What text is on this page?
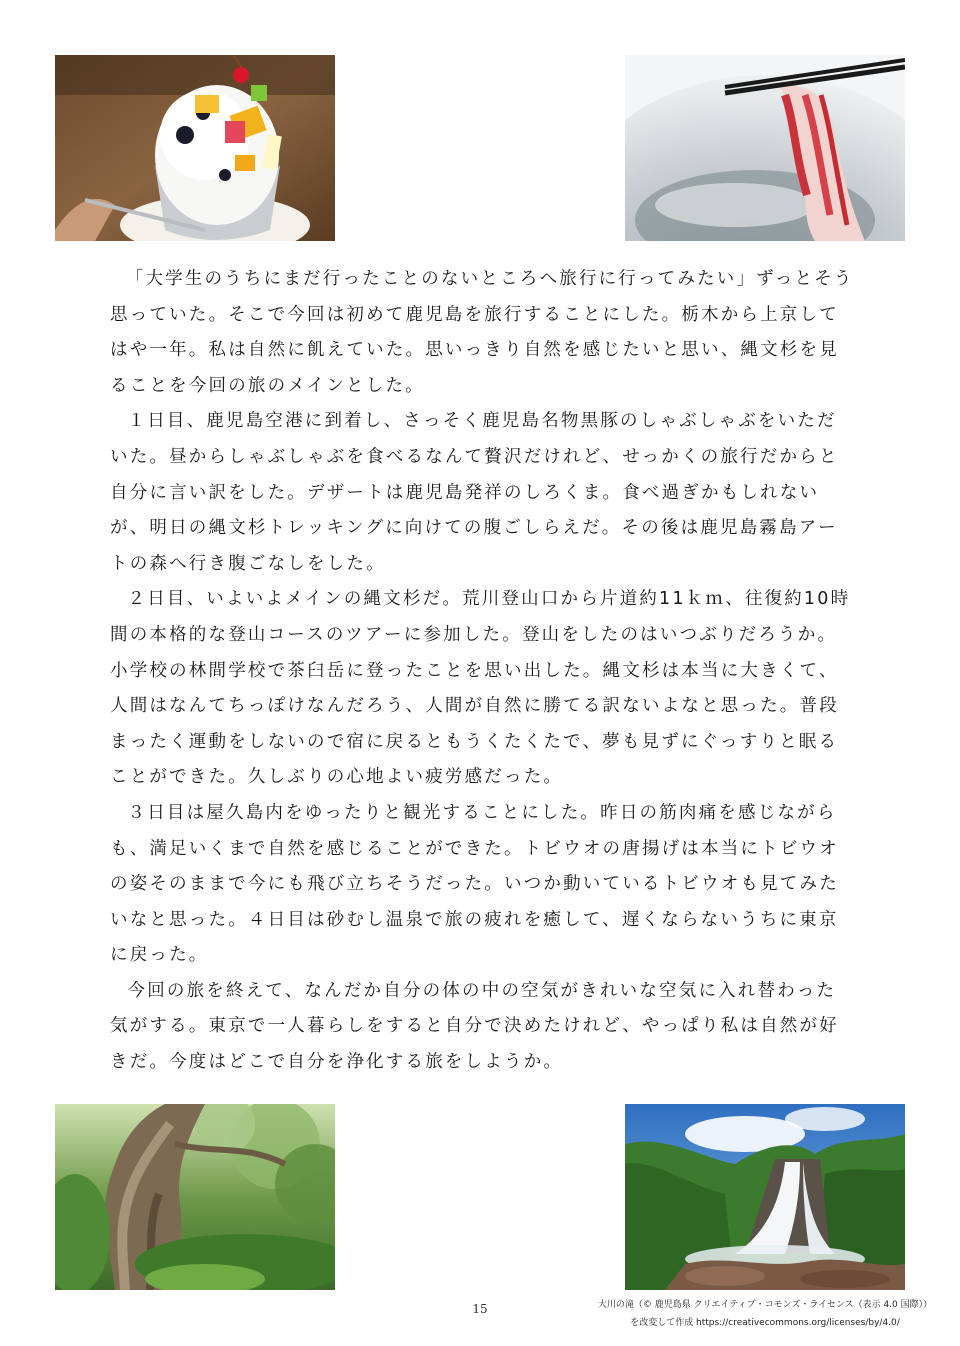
「大学生のうちにまだ行ったことのないところへ旅行に行ってみたい」ずっとそう思っていた。そこで今回は初めて鹿児島を旅行することにした。栃木から上京してはや一年。私は自然に飢えていた。思いっきり自然を感じたいと思い、縄文杉を見ることを今回の旅のメインとした。

１日目、鹿児島空港に到着し、さっそく鹿児島名物黒豚のしゃぶしゃぶをいただいた。昼からしゃぶしゃぶを食べるなんて贅沢だけれど、せっかくの旅行だからと自分に言い訳をした。デザートは鹿児島発祥のしろくま。食べ過ぎかもしれないが、明日の縄文杉トレッキングに向けての腹ごしらえだ。その後は鹿児島霧島アートの森へ行き腹ごなしをした。

２日目、いよいよメインの縄文杉だ。荒川登山口から片道約11ｋｍ、往復約10時間の本格的な登山コースのツアーに参加した。登山をしたのはいつぶりだろうか。小学校の林間学校で茶臼岳に登ったことを思い出した。縄文杉は本当に大きくて、人間はなんてちっぽけなんだろう、人間が自然に勝てる訳ないよなと思った。普段まったく運動をしないので宿に戻るともうくたくたで、夢も見ずにぐっすりと眠ることができた。久しぶりの心地よい疲労感だった。

３日目は屋久島内をゆったりと観光することにした。昨日の筋肉痛を感じながらも、満足いくまで自然を感じることができた。トビウオの唐揚げは本当にトビウオの姿そのままで今にも飛び立ちそうだった。いつか動いているトビウオも見てみたいなと思った。４日目は砂むし温泉で旅の疲れを癒して、遅くならないうちに東京に戻った。

今回の旅を終えて、なんだか自分の体の中の空気がきれいな空気に入れ替わった気がする。東京で一人暮らしをすると自分で決めたけれど、やっぱり私は自然が好きだ。今度はどこで自分を浄化する旅をしようか。

15	大川の滝（© 鹿児島県 クリエイティブ・コモンズ・ライセンス（表示 4.0 国際））
を改変して作成 https://creativecommons.org/licenses/by/4.0/
